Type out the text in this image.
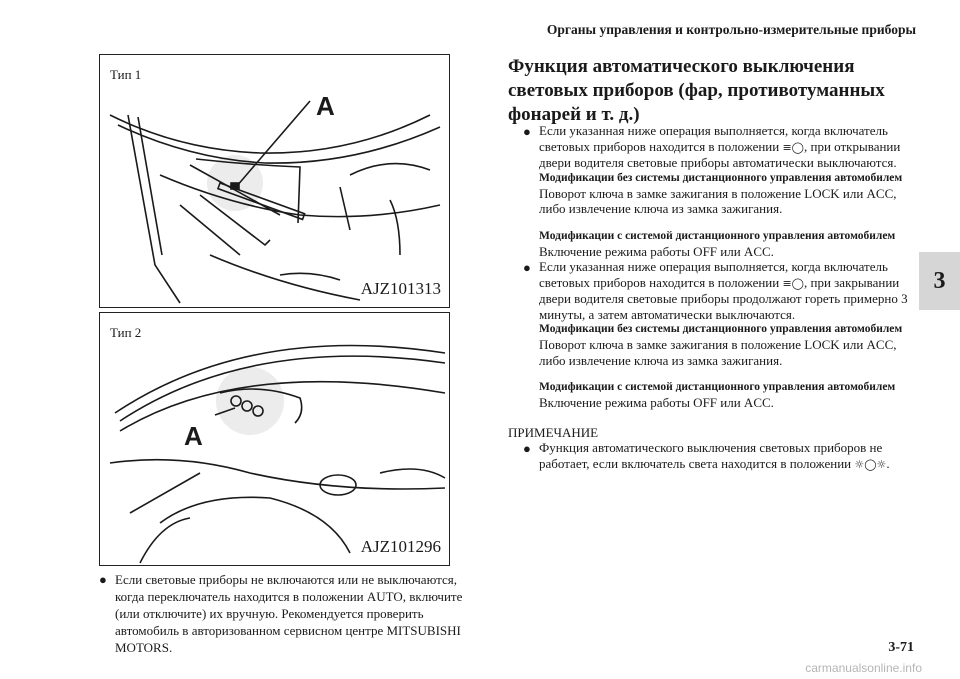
Органы управления и контрольно-измерительные приборы
3
A
Тип 1
AJZ101313
A
Тип 2
AJZ101296
● Если световые приборы не включаются или не выключаются, когда переключатель находится в положении AUTO, включите (или отключите) их вручную. Рекомендуется проверить автомобиль в авторизованном сервисном центре MITSUBISHI MOTORS.
Функция автоматического выключения световых приборов (фар, противотуманных фонарей и т. д.)
● Если указанная ниже операция выполняется, когда включатель световых приборов находится в положении ≡◯, при открывании двери водителя световые приборы автоматически выключаются.
Модификации без системы дистанционного управления автомобилем
Поворот ключа в замке зажигания в положение LOCK или ACC, либо извлечение ключа из замка зажигания.
Модификации с системой дистанционного управления автомобилем
Включение режима работы OFF или ACC.
● Если указанная ниже операция выполняется, когда включатель световых приборов находится в положении ≡◯, при закрывании двери водителя световые приборы продолжают гореть примерно 3 минуты, а затем автоматически выключаются.
Модификации без системы дистанционного управления автомобилем
Поворот ключа в замке зажигания в положение LOCK или ACC, либо извлечение ключа из замка зажигания.
Модификации с системой дистанционного управления автомобилем
Включение режима работы OFF или ACC.
ПРИМЕЧАНИЕ
● Функция автоматического выключения световых приборов не работает, если включатель света находится в положении ☼◯☼.
3-71
carmanualsonline.info
